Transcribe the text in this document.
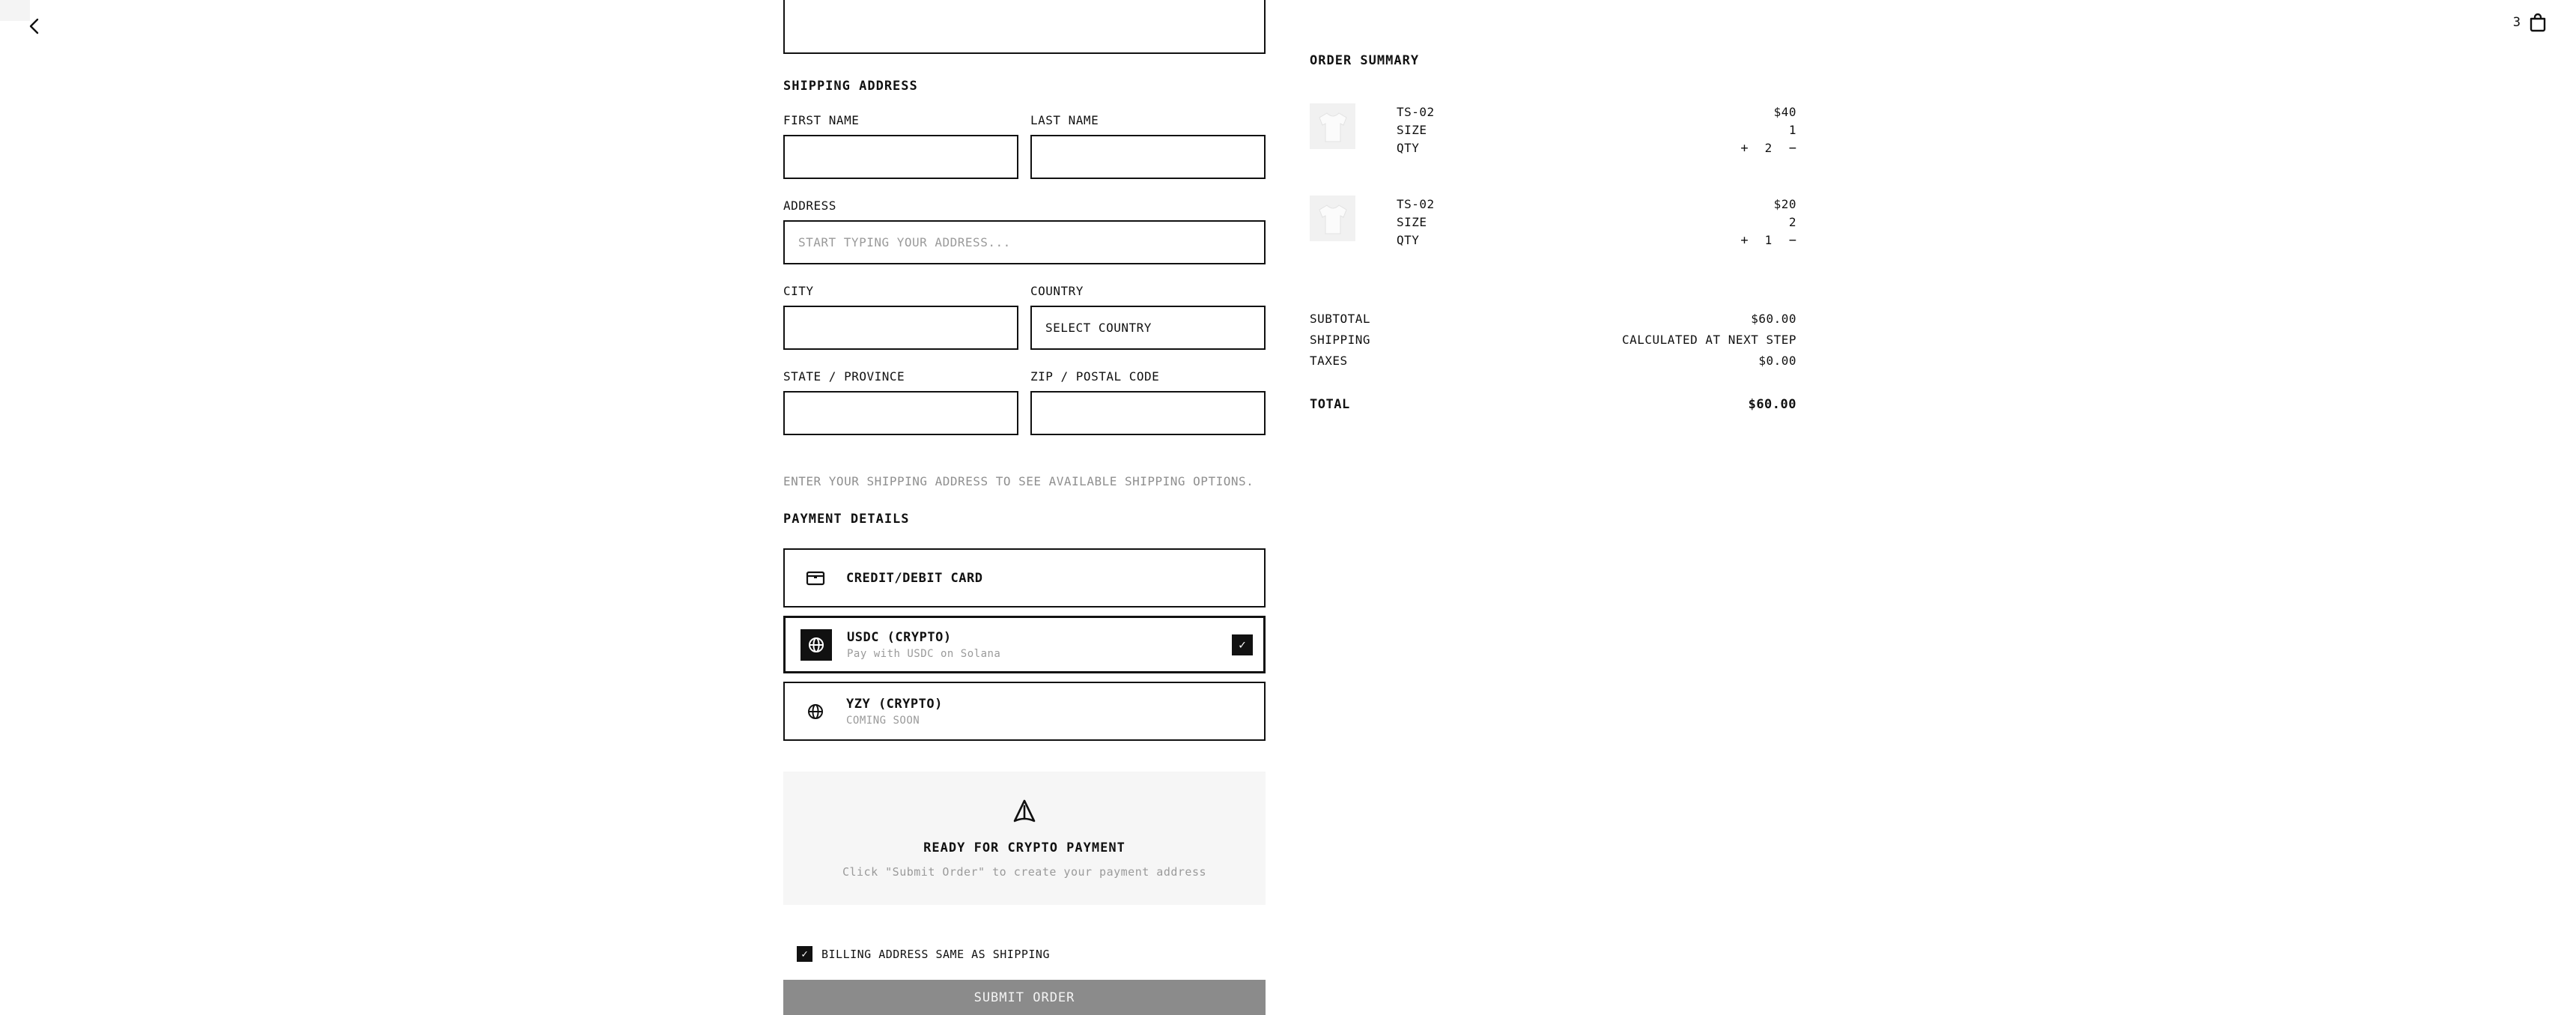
3
SHIPPING ADDRESS
FIRST NAME	LAST NAME
ADDRESS
START TYPING YOUR ADDRESS...
CITY	COUNTRY
SELECT COUNTRY
STATE / PROVINCE	ZIP / POSTAL CODE
ENTER YOUR SHIPPING ADDRESS TO SEE AVAILABLE SHIPPING OPTIONS.
PAYMENT DETAILS
CREDIT/DEBIT CARD
USDC (CRYPTO)
Pay with USDC on Solana
✓
YZY (CRYPTO)
COMING SOON
READY FOR CRYPTO PAYMENT
Click "Submit Order" to create your payment address
✓ BILLING ADDRESS SAME AS SHIPPING
SUBMIT ORDER
ORDER SUMMARY
TS-02	$40
SIZE	1
QTY	+ 2 −
TS-02	$20
SIZE	2
QTY	+ 1 −
SUBTOTAL	$60.00
SHIPPING	CALCULATED AT NEXT STEP
TAXES	$0.00
TOTAL	$60.00
